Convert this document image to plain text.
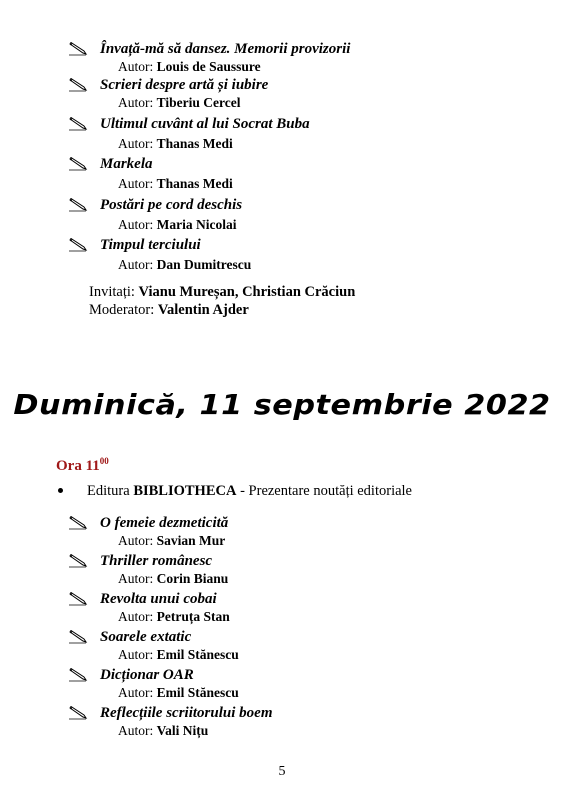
Învață-mă să dansez. Memorii provizorii
Autor: Louis de Saussure
Scrieri despre artă și iubire
Autor: Tiberiu Cercel
Ultimul cuvânt al lui Socrat Buba
Autor: Thanas Medi
Markela
Autor: Thanas Medi
Postări pe cord deschis
Autor: Maria Nicolai
Timpul terciului
Autor: Dan Dumitrescu
Invitați: Vianu Mureșan, Christian Crăciun
Moderator: Valentin Ajder
Duminică, 11 septembrie 2022
Ora $11^{00}$
Editura BIBLIOTHECA - Prezentare noutăți editoriale
O femeie dezmeticită
Autor: Savian Mur
Thriller românesc
Autor: Corin Bianu
Revolta unui cobai
Autor: Petruța Stan
Soarele extatic
Autor: Emil Stănescu
Dicționar OAR
Autor: Emil Stănescu
Reflecțiile scriitorului boem
Autor: Vali Nițu
5
